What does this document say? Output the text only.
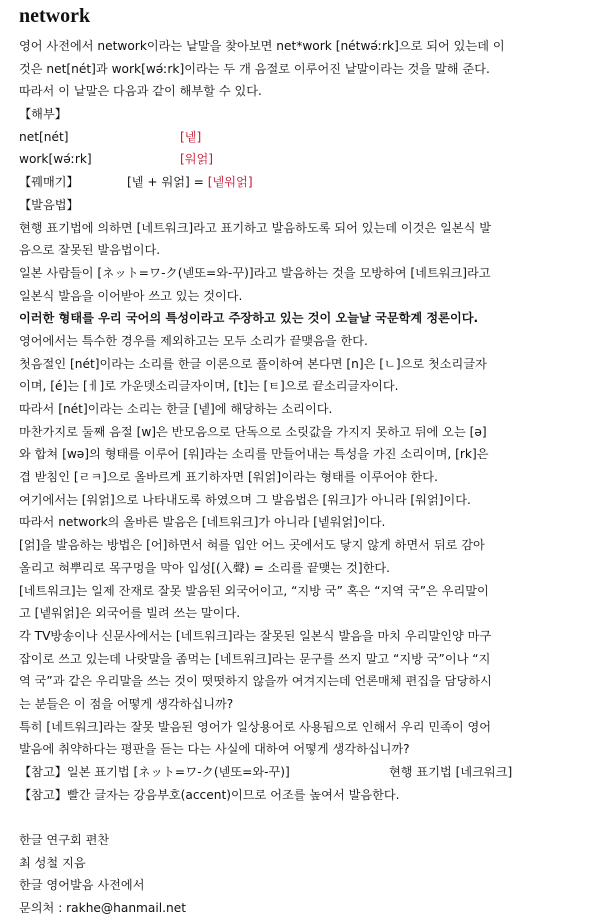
network
영어 사전에서 network이라는 낱말을 찾아보면 net*work [nétwǝ́ːrk]으로 되어 있는데 이
것은 net[nét]과 work[wǝ́ːrk]이라는 두 개 음절로 이루어진 낱말이라는 것을 말해 준다.
따라서 이 낱말은 다음과 같이 해부할 수 있다.
【해부】
net[nét]	[넽]
work[wǝ́ːrk]	[워얽]
【꿰매기】	[넽 + 워얽] = [넽워얽]
【발음법】
현행 표기법에 의하면 [네트워크]라고 표기하고 발음하도록 되어 있는데 이것은 일본식 발
음으로 잘못된 발음법이다.
일본 사람들이 [ネット=ワ-ク(넫또=와-꾸)]라고 발음하는 것을 모방하여 [네트워크]라고
일본식 발음을 이어받아 쓰고 있는 것이다.
이러한 형태를 우리 국어의 특성이라고 주장하고 있는 것이 오늘날 국문학계 정론이다.
영어에서는 특수한 경우를 제외하고는 모두 소리가 끝맺음을 한다.
첫음절인 [nét]이라는 소리를 한글 이론으로 풀이하여 본다면 [n]은 [ㄴ]으로 첫소리글자
이며, [é]는 [ㅔ]로 가운뎃소리글자이며, [t]는 [ㅌ]으로 끝소리글자이다.
따라서 [nét]이라는 소리는 한글 [넽]에 해당하는 소리이다.
마찬가지로 둘째 음절 [w]은 반모음으로 단독으로 소릿값을 가지지 못하고 뒤에 오는 [ǝ]
와 합쳐 [wǝ]의 형태를 이루어 [워]라는 소리를 만들어내는 특성을 가진 소리이며, [rk]은
겹 받침인 [ㄹㅋ]으로 올바르게 표기하자면 [워얽]이라는 형태를 이루어야 한다.
여기에서는 [워얽]으로 나타내도록 하였으며 그 발음법은 [워크]가 아니라 [워얽]이다.
따라서 network의 올바른 발음은 [네트워크]가 아니라 [넽워얽]이다.
[얽]을 발음하는 방법은 [어]하면서 혀를 입안 어느 곳에서도 닿지 않게 하면서 뒤로 감아
올리고 혀뿌리로 목구멍을 막아 입성[(入聲) = 소리를 끝맺는 것]한다.
[네트워크]는 일제 잔재로 잘못 발음된 외국어이고, “지방 국” 혹은 “지역 국”은 우리말이
고 [넽워얽]은 외국어를 빌려 쓰는 말이다.
각 TV방송이나 신문사에서는 [네트워크]라는 잘못된 일본식 발음을 마치 우리말인양 마구
잡이로 쓰고 있는데 나랏말을 좀먹는 [네트워크]라는 문구를 쓰지 말고 “지방 국”이나 “지
역 국”과 같은 우리말을 쓰는 것이 떳떳하지 않을까 여겨지는데 언론매체 편집을 담당하시
는 분들은 이 점을 어떻게 생각하십니까?
특히 [네트워크]라는 잘못 발음된 영어가 일상용어로 사용됨으로 인해서 우리 민족이 영어
발음에 취약하다는 평판을 듣는 다는 사실에 대하여 어떻게 생각하십니까?
【참고】일본 표기법 [ネット=ワ-ク(넫또=와-꾸)]	현행 표기법 [네크워크]
【참고】빨간 글자는 강음부호(accent)이므로 어조를 높여서 발음한다.
한글 연구회 편찬
최 성철 지음
한글 영어발음 사전에서
문의처 : rakhe@hanmail.net
